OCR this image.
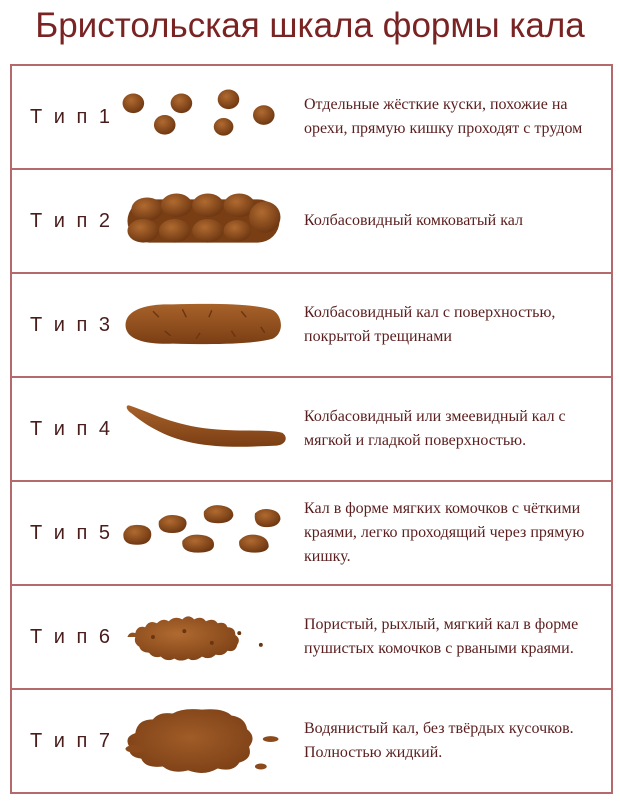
Бристольская шкала формы кала
Т и п 1
Отдельные жёсткие куски, похожие на орехи, прямую кишку проходят с трудом
Т и п 2	Колбасовидный комковатый кал
Т и п 3
Колбасовидный кал с поверхностью, покрытой трещинами
Т и п 4
Колбасовидный или змеевидный кал с мягкой и гладкой поверхностью.
Т и п 5
Кал в форме мягких комочков с чёткими краями, легко проходящий через прямую кишку.
Т и п 6
Пористый, рыхлый, мягкий кал в форме пушистых комочков с рваными краями.
Т и п 7
Водянистый кал, без твёрдых кусочков. Полностью жидкий.
